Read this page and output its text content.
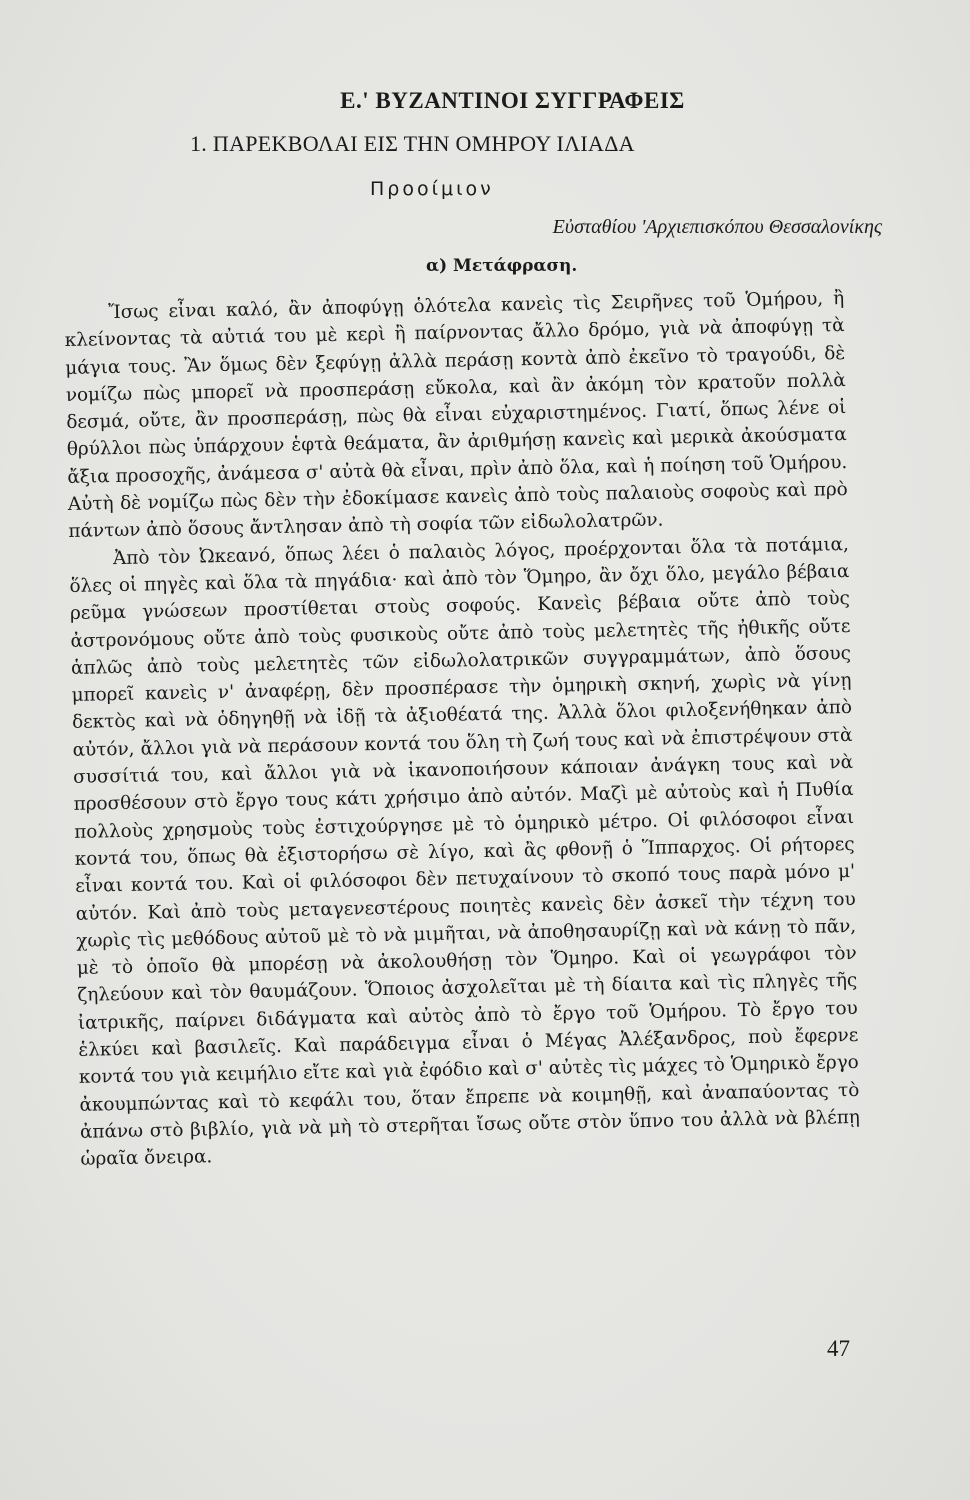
Ε.' ΒΥΖΑΝΤΙΝΟΙ ΣΥΓΓΡΑΦΕΙΣ
1. ΠΑΡΕΚΒΟΛΑΙ ΕΙΣ ΤΗΝ ΟΜΗΡΟΥ ΙΛΙΑΔΑ
Προοίμιον
Εὐσταθίου 'Αρχιεπισκόπου Θεσσαλονίκης
α) Μετάφραση.

Ἴσως εἶναι καλό, ἂν ἀποφύγῃ ὁλότελα κανεὶς τὶς Σειρῆνες τοῦ Ὁμήρου, ἢ κλείνοντας τὰ αὐτιά του μὲ κερὶ ἢ παίρνοντας ἄλλο δρόμο, γιὰ νὰ ἀποφύγῃ τὰ μάγια τους. Ἂν ὅμως δὲν ξεφύγῃ ἀλλὰ περάσῃ κοντὰ ἀπὸ ἐκεῖνο τὸ τραγούδι, δὲ νομίζω πὼς μπορεῖ νὰ προσπεράσῃ εὔκολα, καὶ ἂν ἀκόμη τὸν κρατοῦν πολλὰ δεσμά, οὔτε, ἂν προσπεράσῃ, πὼς θὰ εἶναι εὐχαριστημένος. Γιατί, ὅπως λένε οἱ θρύλλοι πὼς ὑπάρχουν ἑφτὰ θεάματα, ἂν ἀριθμήσῃ κανεὶς καὶ μερικὰ ἀκούσματα ἄξια προσοχῆς, ἀνάμεσα σ' αὐτὰ θὰ εἶναι, πρὶν ἀπὸ ὅλα, καὶ ἡ ποίηση τοῦ Ὁμήρου. Αὐτὴ δὲ νομίζω πὼς δὲν τὴν ἐδοκίμασε κανεὶς ἀπὸ τοὺς παλαιοὺς σοφοὺς καὶ πρὸ πάντων ἀπὸ ὅσους ἄντλησαν ἀπὸ τὴ σοφία τῶν εἰδωλολατρῶν.

Ἀπὸ τὸν Ὠκεανό, ὅπως λέει ὁ παλαιὸς λόγος, προέρχονται ὅλα τὰ ποτάμια, ὅλες οἱ πηγὲς καὶ ὅλα τὰ πηγάδια· καὶ ἀπὸ τὸν Ὅμηρο, ἂν ὄχι ὅλο, μεγάλο βέβαια ρεῦμα γνώσεων προστίθεται στοὺς σοφούς. Κανεὶς βέβαια οὔτε ἀπὸ τοὺς ἀστρονόμους οὔτε ἀπὸ τοὺς φυσικοὺς οὔτε ἀπὸ τοὺς μελετητὲς τῆς ἠθικῆς οὔτε ἁπλῶς ἀπὸ τοὺς μελετητὲς τῶν εἰδωλολατρικῶν συγγραμμάτων, ἀπὸ ὅσους μπορεῖ κανεὶς ν' ἀναφέρῃ, δὲν προσπέρασε τὴν ὁμηρικὴ σκηνή, χωρὶς νὰ γίνῃ δεκτὸς καὶ νὰ ὁδηγηθῇ νὰ ἰδῇ τὰ ἀξιοθέατά της. Ἀλλὰ ὅλοι φιλοξενήθηκαν ἀπὸ αὐτόν, ἄλλοι γιὰ νὰ περάσουν κοντά του ὅλη τὴ ζωή τους καὶ νὰ ἐπιστρέψουν στὰ συσσίτιά του, καὶ ἄλλοι γιὰ νὰ ἱκανοποιήσουν κάποιαν ἀνάγκη τους καὶ νὰ προσθέσουν στὸ ἔργο τους κάτι χρήσιμο ἀπὸ αὐτόν. Μαζὶ μὲ αὐτοὺς καὶ ἡ Πυθία πολλοὺς χρησμοὺς τοὺς ἐστιχούργησε μὲ τὸ ὁμηρικὸ μέτρο. Οἱ φιλόσοφοι εἶναι κοντά του, ὅπως θὰ ἐξιστορήσω σὲ λίγο, καὶ ἂς φθονῇ ὁ Ἵππαρχος. Οἱ ρήτορες εἶναι κοντά του. Καὶ οἱ φιλόσοφοι δὲν πετυχαίνουν τὸ σκοπό τους παρὰ μόνο μ' αὐτόν. Καὶ ἀπὸ τοὺς μεταγενεστέρους ποιητὲς κανεὶς δὲν ἀσκεῖ τὴν τέχνη του χωρὶς τὶς μεθόδους αὐτοῦ μὲ τὸ νὰ μιμῆται, νὰ ἀποθησαυρίζῃ καὶ νὰ κάνῃ τὸ πᾶν, μὲ τὸ ὁποῖο θὰ μπορέσῃ νὰ ἀκολουθήσῃ τὸν Ὅμηρο. Καὶ οἱ γεωγράφοι τὸν ζηλεύουν καὶ τὸν θαυμάζουν. Ὅποιος ἀσχολεῖται μὲ τὴ δίαιτα καὶ τὶς πληγὲς τῆς ἰατρικῆς, παίρνει διδάγματα καὶ αὐτὸς ἀπὸ τὸ ἔργο τοῦ Ὁμήρου. Τὸ ἔργο του ἑλκύει καὶ βασιλεῖς. Καὶ παράδειγμα εἶναι ὁ Μέγας Ἀλέξανδρος, ποὺ ἔφερνε κοντά του γιὰ κειμήλιο εἴτε καὶ γιὰ ἐφόδιο καὶ σ' αὐτὲς τὶς μάχες τὸ Ὁμηρικὸ ἔργο ἀκουμπώντας καὶ τὸ κεφάλι του, ὅταν ἔπρεπε νὰ κοιμηθῇ, καὶ ἀναπαύοντας τὸ ἀπάνω στὸ βιβλίο, γιὰ νὰ μὴ τὸ στερῆται ἴσως οὔτε στὸν ὕπνο του ἀλλὰ νὰ βλέπῃ ὡραῖα ὄνειρα.

47
